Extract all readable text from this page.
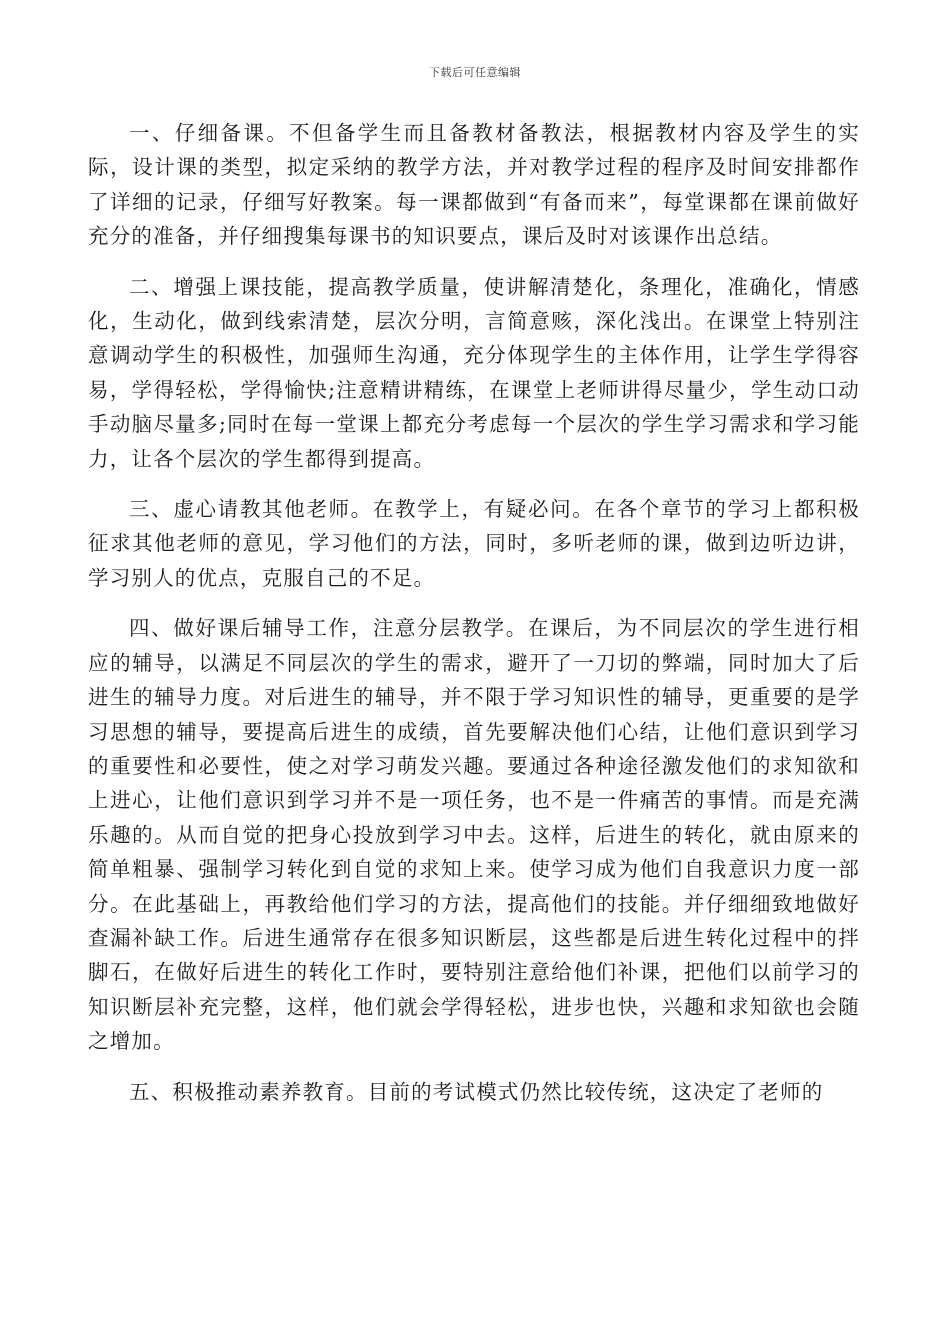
下载后可任意编辑

一、仔细备课。不但备学生而且备教材备教法，根据教材内容及学生的实际，设计课的类型，拟定采纳的教学方法，并对教学过程的程序及时间安排都作了详细的记录，仔细写好教案。每一课都做到“有备而来”，每堂课都在课前做好充分的准备，并仔细搜集每课书的知识要点，课后及时对该课作出总结。

二、增强上课技能，提高教学质量，使讲解清楚化，条理化，准确化，情感化，生动化，做到线索清楚，层次分明，言简意赅，深化浅出。在课堂上特别注意调动学生的积极性，加强师生沟通，充分体现学生的主体作用，让学生学得容易，学得轻松，学得愉快;注意精讲精练，在课堂上老师讲得尽量少，学生动口动手动脑尽量多;同时在每一堂课上都充分考虑每一个层次的学生学习需求和学习能力，让各个层次的学生都得到提高。

三、虚心请教其他老师。在教学上，有疑必问。在各个章节的学习上都积极征求其他老师的意见，学习他们的方法，同时，多听老师的课，做到边听边讲，学习别人的优点，克服自己的不足。

四、做好课后辅导工作，注意分层教学。在课后，为不同层次的学生进行相应的辅导，以满足不同层次的学生的需求，避开了一刀切的弊端，同时加大了后进生的辅导力度。对后进生的辅导，并不限于学习知识性的辅导，更重要的是学习思想的辅导，要提高后进生的成绩，首先要解决他们心结，让他们意识到学习的重要性和必要性，使之对学习萌发兴趣。要通过各种途径激发他们的求知欲和上进心，让他们意识到学习并不是一项任务，也不是一件痛苦的事情。而是充满乐趣的。从而自觉的把身心投放到学习中去。这样，后进生的转化，就由原来的简单粗暴、强制学习转化到自觉的求知上来。使学习成为他们自我意识力度一部分。在此基础上，再教给他们学习的方法，提高他们的技能。并仔细细致地做好查漏补缺工作。后进生通常存在很多知识断层，这些都是后进生转化过程中的拌脚石，在做好后进生的转化工作时，要特别注意给他们补课，把他们以前学习的知识断层补充完整，这样，他们就会学得轻松，进步也快，兴趣和求知欲也会随之增加。

五、积极推动素养教育。目前的考试模式仍然比较传统，这决定了老师的
